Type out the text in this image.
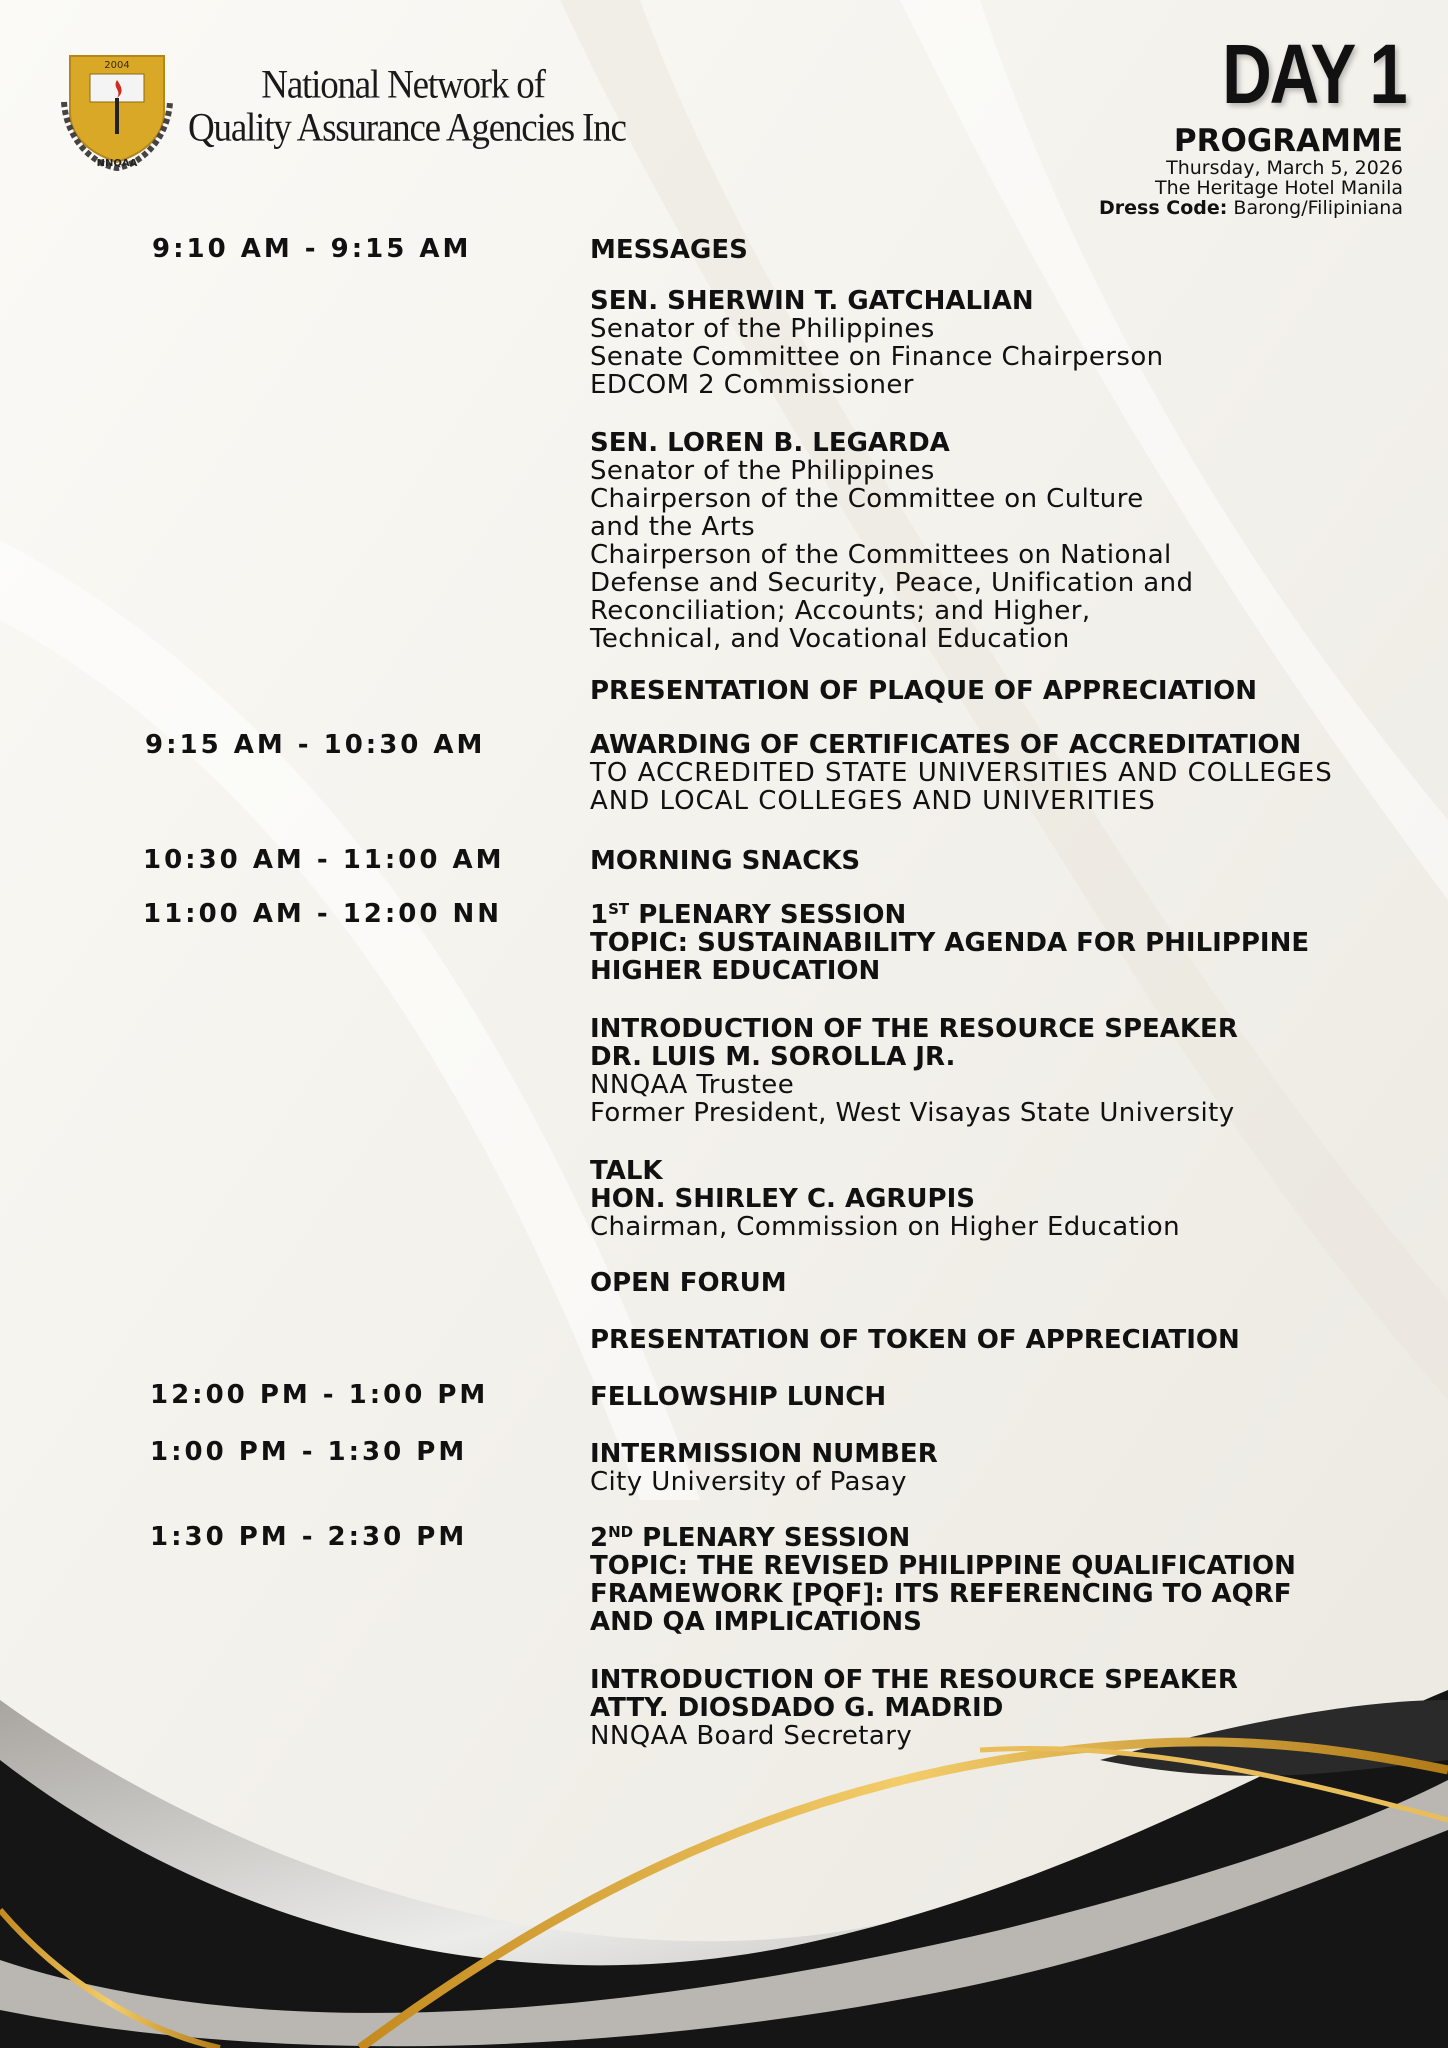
2004
NNQAA
National Network of
Quality Assurance Agencies Inc
DAY 1
PROGRAMME
Thursday, March 5, 2026
The Heritage Hotel Manila
Dress Code: Barong/Filipiniana
9:10 AM - 9:15 AM
9:15 AM - 10:30 AM
10:30 AM - 11:00 AM
11:00 AM - 12:00 NN
12:00 PM - 1:00 PM
1:00 PM - 1:30 PM
1:30 PM - 2:30 PM
MESSAGES
SEN. SHERWIN T. GATCHALIAN
Senator of the Philippines
Senate Committee on Finance Chairperson
EDCOM 2 Commissioner
SEN. LOREN B. LEGARDA
Senator of the Philippines
Chairperson of the Committee on Culture
and the Arts
Chairperson of the Committees on National
Defense and Security, Peace, Unification and
Reconciliation; Accounts; and Higher,
Technical, and Vocational Education
PRESENTATION OF PLAQUE OF APPRECIATION
AWARDING OF CERTIFICATES OF ACCREDITATION
TO ACCREDITED STATE UNIVERSITIES AND COLLEGES
AND LOCAL COLLEGES AND UNIVERITIES
MORNING SNACKS
1ST PLENARY SESSION
TOPIC: SUSTAINABILITY AGENDA FOR PHILIPPINE
HIGHER EDUCATION
INTRODUCTION OF THE RESOURCE SPEAKER
DR. LUIS M. SOROLLA JR.
NNQAA Trustee
Former President, West Visayas State University
TALK
HON. SHIRLEY C. AGRUPIS
Chairman, Commission on Higher Education
OPEN FORUM
PRESENTATION OF TOKEN OF APPRECIATION
FELLOWSHIP LUNCH
INTERMISSION NUMBER
City University of Pasay
2ND PLENARY SESSION
TOPIC: THE REVISED PHILIPPINE QUALIFICATION
FRAMEWORK [PQF]: ITS REFERENCING TO AQRF
AND QA IMPLICATIONS
INTRODUCTION OF THE RESOURCE SPEAKER
ATTY. DIOSDADO G. MADRID
NNQAA Board Secretary
